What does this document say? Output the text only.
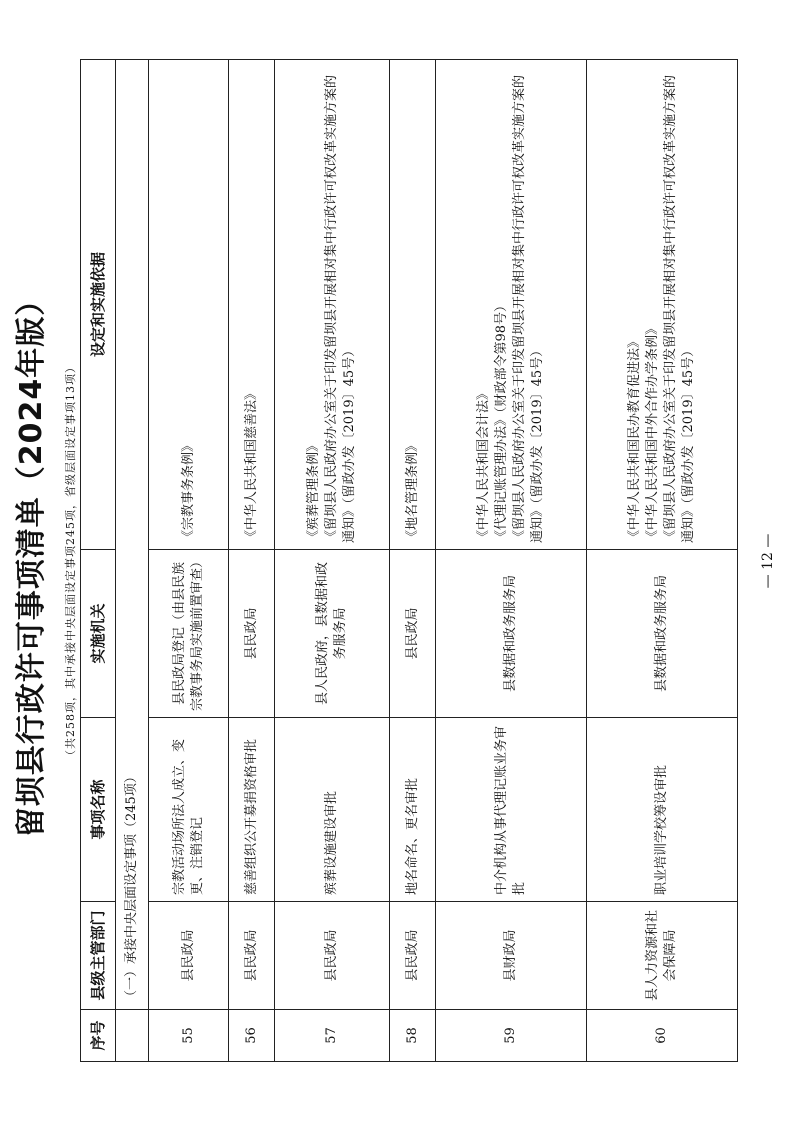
留坝县行政许可事项清单（2024年版） （共258项，其中承接中央层面设定事项245项，省级层面设定事项13项）
序号	县级主管部门	事项名称	实施机关	设定和实施依据
	（一）承接中央层面设定事项（245项）			
55	县民政局	宗教活动场所法人成立、变更、注销登记	县民政局登记（由县民族宗教事务局实施前置审查）	《宗教事务条例》

56	县民政局	慈善组织公开募捐资格审批	县民政局	《中华人民共和国慈善法》

57	县民政局	殡葬设施建设审批	县人民政府，县数据和政务服务局	《殡葬管理条例》 《留坝县人民政府办公室关于印发留坝县开展相对集中行政许可权改革实施方案的通知》（留政办发〔2019〕45号）

58	县民政局	地名命名、更名审批	县民政局	《地名管理条例》

59	县财政局	中介机构从事代理记账业务审批	县数据和政务服务局	《中华人民共和国会计法》 《代理记账管理办法》（财政部令第98号） 《留坝县人民政府办公室关于印发留坝县开展相对集中行政许可权改革实施方案的通知》（留政办发〔2019〕45号）

60	县人力资源和社会保障局	职业培训学校筹设审批	县数据和政务服务局	《中华人民共和国民办教育促进法》 《中华人民共和国中外合作办学条例》 《留坝县人民政府办公室关于印发留坝县开展相对集中行政许可权改革实施方案的通知》（留政办发〔2019〕45号）
— 12 —
